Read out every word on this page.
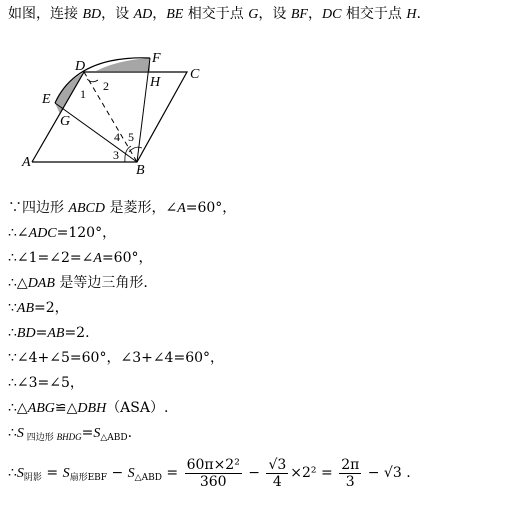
A
B
C
D
E
F
G
H
1
2
3
4 5
如图，连接 BD，设 AD，BE 相交于点 G，设 BF，DC 相交于点 H.
∵四边形 ABCD 是菱形，∠A=60°，
∴∠ADC=120°，
∴∠1=∠2=∠A=60°，
∴△DAB 是等边三角形.
∵AB=2，
∴BD=AB=2.
∵∠4+∠5=60°，∠3+∠4=60°，
∴∠3=∠5，
∴△ABG≌△DBH（ASA）.
∴S $_{四边形}$ $_{BHDG}=S_{\triangle ABD}$.
$\therefore S_{阴影} = S_{扇形EBF} - S_{\triangle ABD} = \frac{\text{60π×2²}}{360} - \frac{√3}{4} \times 2^2 = \frac{2\pi}{3} - √3$ .
